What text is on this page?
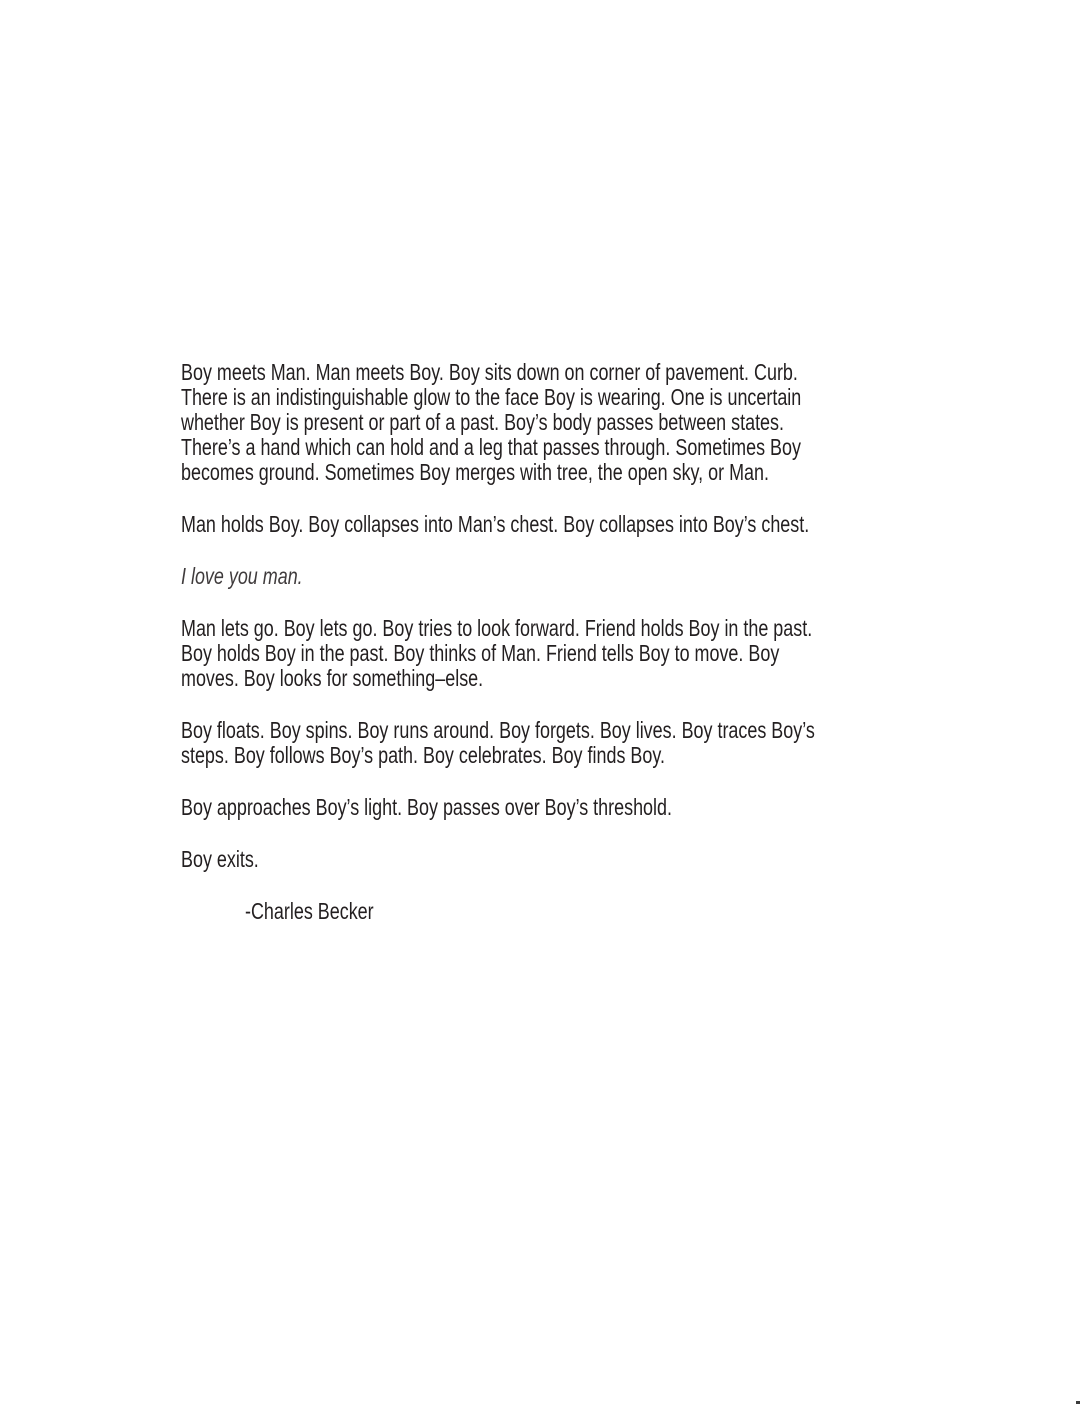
Boy meets Man. Man meets Boy. Boy sits down on corner of pavement. Curb.
There is an indistinguishable glow to the face Boy is wearing. One is uncertain
whether Boy is present or part of a past. Boy’s body passes between states.
There’s a hand which can hold and a leg that passes through. Sometimes Boy
becomes ground. Sometimes Boy merges with tree, the open sky, or Man.
Man holds Boy. Boy collapses into Man’s chest. Boy collapses into Boy’s chest.
I love you man.
Man lets go. Boy lets go. Boy tries to look forward. Friend holds Boy in the past.
Boy holds Boy in the past. Boy thinks of Man. Friend tells Boy to move. Boy
moves. Boy looks for something–else.
Boy floats. Boy spins. Boy runs around. Boy forgets. Boy lives. Boy traces Boy’s
steps. Boy follows Boy’s path. Boy celebrates. Boy finds Boy.
Boy approaches Boy’s light. Boy passes over Boy’s threshold.
Boy exits.
-Charles Becker
